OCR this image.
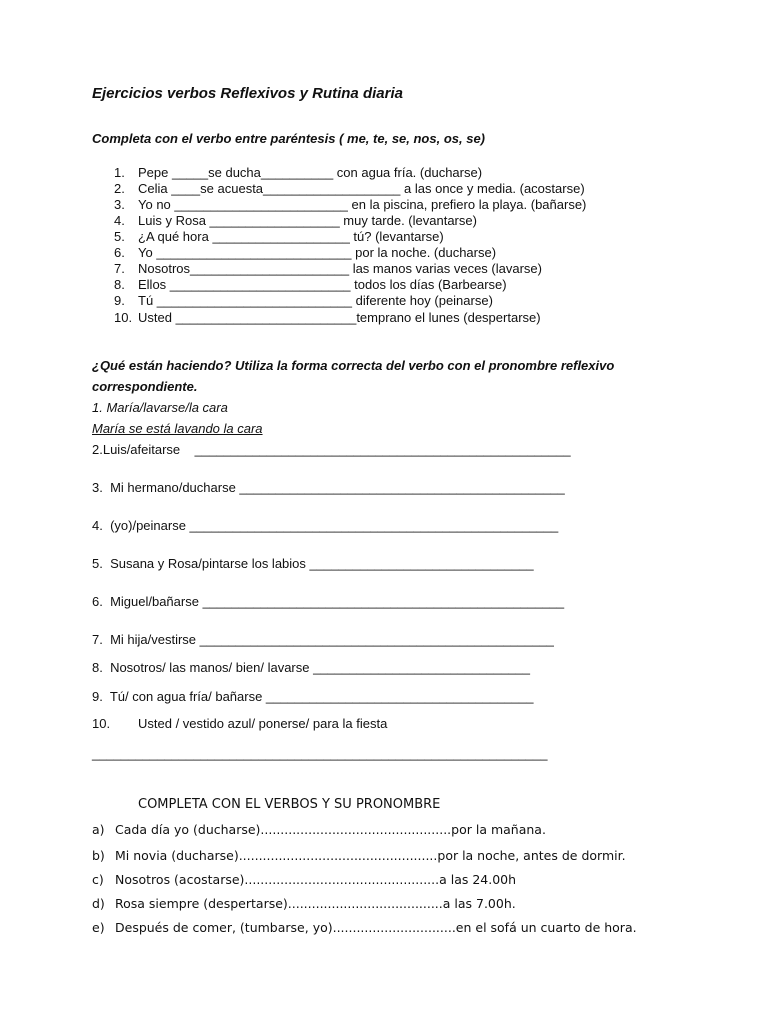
Ejercicios verbos Reflexivos y Rutina diaria
Completa con el verbo entre paréntesis ( me, te, se, nos, os, se)
1.	Pepe _____se ducha__________ con agua fría. (ducharse)
2.	Celia ____se acuesta___________________ a las once y media. (acostarse)
3.	Yo no ________________________ en la piscina, prefiero la playa. (bañarse)
4.	Luis y Rosa __________________ muy tarde. (levantarse)
5.	¿A qué hora ___________________ tú? (levantarse)
6.	Yo ___________________________ por la noche. (ducharse)
7.	Nosotros______________________ las manos varias veces (lavarse)
8.	Ellos _________________________ todos los días (Barbearse)
9.	Tú ___________________________ diferente hoy (peinarse)
10. Usted _________________________temprano el lunes (despertarse)
¿Qué están haciendo? Utiliza la forma correcta del verbo con el pronombre reflexivo
correspondiente.
1. María/lavarse/la cara
María se está lavando la cara
2.Luis/afeitarse    ____________________________________________________
3.  Mi hermano/ducharse _____________________________________________
4.  (yo)/peinarse ___________________________________________________
5.  Susana y Rosa/pintarse los labios _______________________________
6.  Miguel/bañarse __________________________________________________
7.  Mi hija/vestirse _________________________________________________
8.  Nosotros/ las manos/ bien/ lavarse ______________________________
9.  Tú/ con agua fría/ bañarse _____________________________________
10. Usted / vestido azul/ ponerse/ para la fiesta
_______________________________________________________________
COMPLETA CON EL VERBOS Y SU PRONOMBRE
a) Cada día yo (ducharse)................................................por la mañana.
b) Mi novia (ducharse)..................................................por la noche, antes de dormir.
c) Nosotros (acostarse).................................................a las 24.00h
d) Rosa siempre (despertarse).......................................a las 7.00h.
e) Después de comer, (tumbarse, yo)...............................en el sofá un cuarto de hora.
